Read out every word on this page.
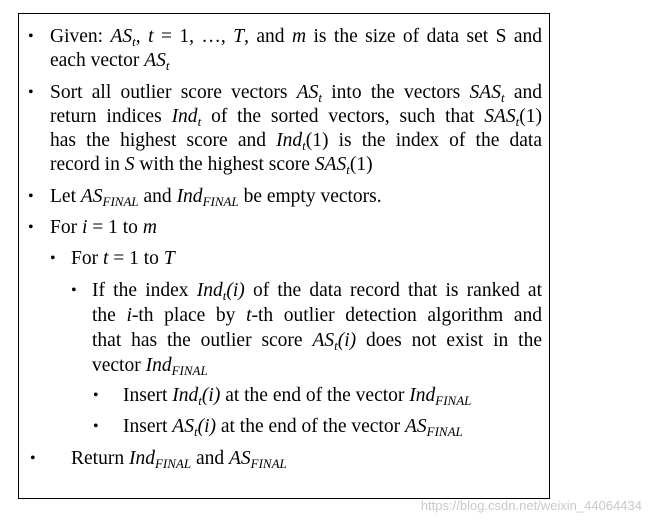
• Given: $AS_t$, t = 1, …, T, and m is the size of data set S and
each vector $AS_t$
• Sort all outlier score vectors $AS_t$ into the vectors $SAS_t$ and
return indices Ind$_t$ of the sorted vectors, such that $SAS_t(1)$
has the highest score and Ind$_t$(1) is the index of the data
record in S with the highest score $SAS_t(1)$
• Let $AS_{FINAL}$ and Ind$_{FINAL}$ be empty vectors.
• For i = 1 to m
• For t = 1 to T
• If the index Ind$_t$(i) of the data record that is ranked at
the i-th place by t-th outlier detection algorithm and
that has the outlier score $AS_t(i)$ does not exist in the
vector Ind$_{FINAL}$
• Insert Ind$_t$(i) at the end of the vector Ind$_{FINAL}$
• Insert $AS_t(i)$ at the end of the vector $AS_{FINAL}$
• Return Ind$_{FINAL}$ and $AS_{FINAL}$
https://blog.csdn.net/weixin_44064434
